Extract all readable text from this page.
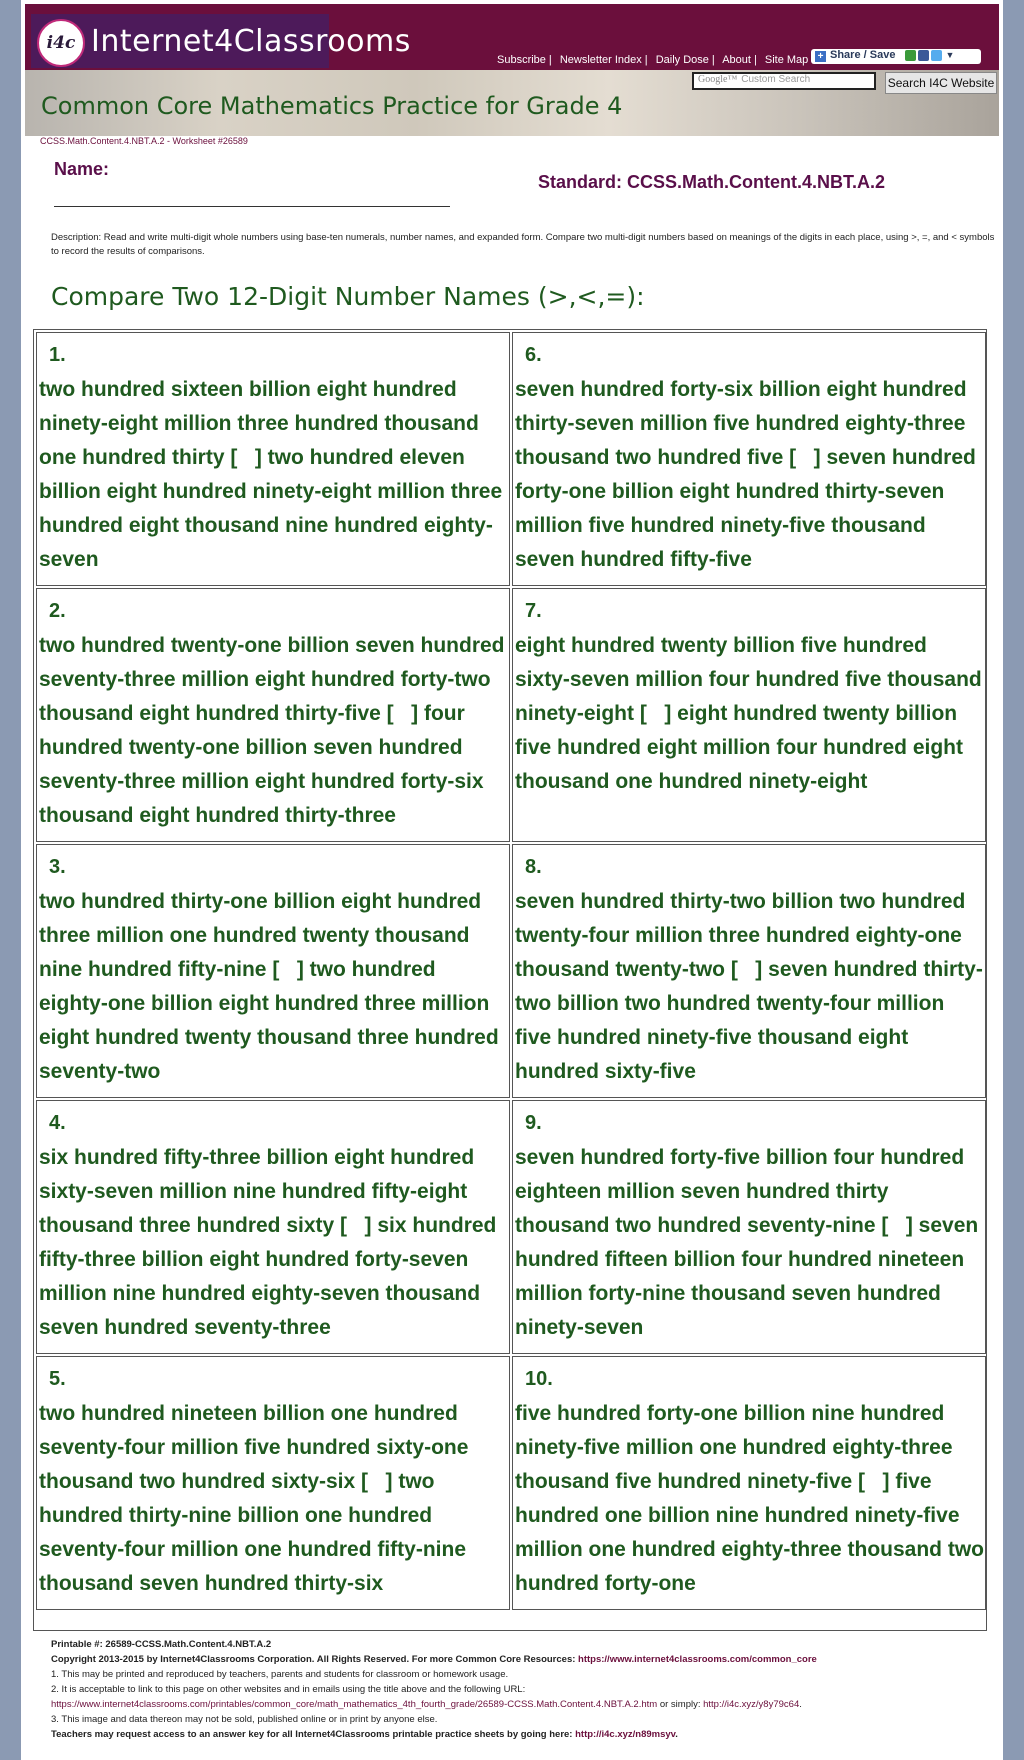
i4c Internet4Classrooms
Subscribe | Newsletter Index | Daily Dose | About | Site Map + Share / Save	▼
Google™ Custom Search	Search I4C Website
Common Core Mathematics Practice for Grade 4
CCSS.Math.Content.4.NBT.A.2 - Worksheet #26589
Name:
Standard: CCSS.Math.Content.4.NBT.A.2
Description: Read and write multi-digit whole numbers using base-ten numerals, number names, and expanded form. Compare two multi-digit numbers based on meanings of the digits in each place, using >, =, and < symbols to record the results of comparisons.
Compare Two 12-Digit Number Names (>,<,=):
1.
two hundred sixteen billion eight hundred ninety-eight million three hundred thousand one hundred thirty [   ] two hundred eleven billion eight hundred ninety-eight million three hundred eight thousand nine hundred eighty-seven
6.
seven hundred forty-six billion eight hundred thirty-seven million five hundred eighty-three thousand two hundred five [   ] seven hundred forty-one billion eight hundred thirty-seven million five hundred ninety-five thousand seven hundred fifty-five
2.
two hundred twenty-one billion seven hundred seventy-three million eight hundred forty-two thousand eight hundred thirty-five [   ] four hundred twenty-one billion seven hundred seventy-three million eight hundred forty-six thousand eight hundred thirty-three
7.
eight hundred twenty billion five hundred sixty-seven million four hundred five thousand ninety-eight [   ] eight hundred twenty billion five hundred eight million four hundred eight thousand one hundred ninety-eight
3.
two hundred thirty-one billion eight hundred three million one hundred twenty thousand nine hundred fifty-nine [   ] two hundred eighty-one billion eight hundred three million eight hundred twenty thousand three hundred seventy-two
8.
seven hundred thirty-two billion two hundred twenty-four million three hundred eighty-one thousand twenty-two [   ] seven hundred thirty-two billion two hundred twenty-four million five hundred ninety-five thousand eight hundred sixty-five
4.
six hundred fifty-three billion eight hundred sixty-seven million nine hundred fifty-eight thousand three hundred sixty [   ] six hundred fifty-three billion eight hundred forty-seven million nine hundred eighty-seven thousand seven hundred seventy-three
9.
seven hundred forty-five billion four hundred eighteen million seven hundred thirty thousand two hundred seventy-nine [   ] seven hundred fifteen billion four hundred nineteen million forty-nine thousand seven hundred ninety-seven
5.
two hundred nineteen billion one hundred seventy-four million five hundred sixty-one thousand two hundred sixty-six [   ] two hundred thirty-nine billion one hundred seventy-four million one hundred fifty-nine thousand seven hundred thirty-six
10.
five hundred forty-one billion nine hundred ninety-five million one hundred eighty-three thousand five hundred ninety-five [   ] five hundred one billion nine hundred ninety-five million one hundred eighty-three thousand two hundred forty-one
Printable #: 26589-CCSS.Math.Content.4.NBT.A.2
Copyright 2013-2015 by Internet4Classrooms Corporation. All Rights Reserved. For more Common Core Resources: https://www.internet4classrooms.com/common_core
1. This may be printed and reproduced by teachers, parents and students for classroom or homework usage.
2. It is acceptable to link to this page on other websites and in emails using the title above and the following URL:
https://www.internet4classrooms.com/printables/common_core/math_mathematics_4th_fourth_grade/26589-CCSS.Math.Content.4.NBT.A.2.htm or simply: http://i4c.xyz/y8y79c64.
3. This image and data thereon may not be sold, published online or in print by anyone else.
Teachers may request access to an answer key for all Internet4Classrooms printable practice sheets by going here: http://i4c.xyz/n89msyv.
